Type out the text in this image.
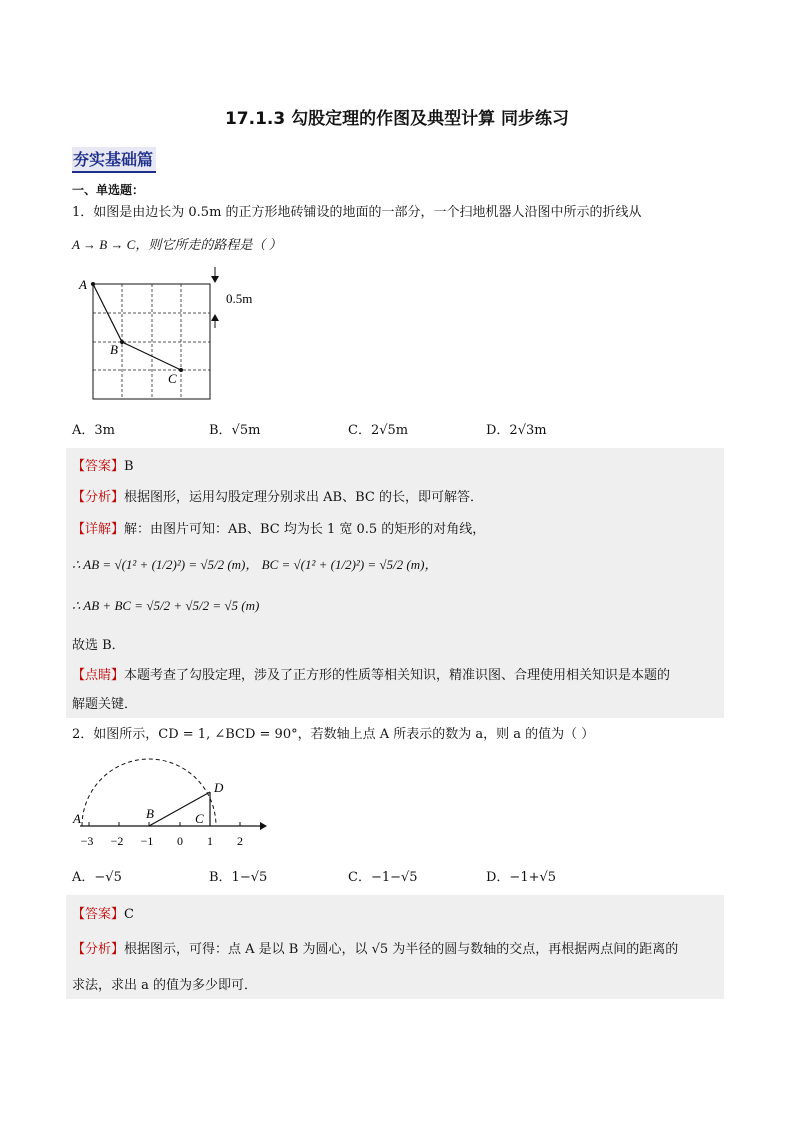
17.1.3 勾股定理的作图及典型计算 同步练习
夯实基础篇
一、单选题：
1．如图是由边长为 0.5m 的正方形地砖铺设的地面的一部分，一个扫地机器人沿图中所示的折线从
A → B → C，则它所走的路程是（ ）
A
B
C
0.5m
A．3m	B．√5m	C．2√5m	D．2√3m
【答案】B
【分析】根据图形，运用勾股定理分别求出 AB、BC 的长，即可解答．
【详解】解：由图片可知：AB、BC 均为长 1 宽 0.5 的矩形的对角线，
∴ AB = √(1² + (1/2)²) = √5/2 (m)， BC = √(1² + (1/2)²) = √5/2 (m)，
∴ AB + BC = √5/2 + √5/2 = √5 (m)
故选 B．
【点睛】本题考查了勾股定理，涉及了正方形的性质等相关知识，精准识图、合理使用相关知识是本题的
解题关键．
2．如图所示，CD = 1, ∠BCD = 90°，若数轴上点 A 所表示的数为 a，则 a 的值为（ ）
A	B	C
D
−3 −2 −1 0 1 2
A．−√5	B．1−√5	C．−1−√5	D．−1+√5
【答案】C
【分析】根据图示，可得：点 A 是以 B 为圆心，以 √5 为半径的圆与数轴的交点，再根据两点间的距离的
求法，求出 a 的值为多少即可．
